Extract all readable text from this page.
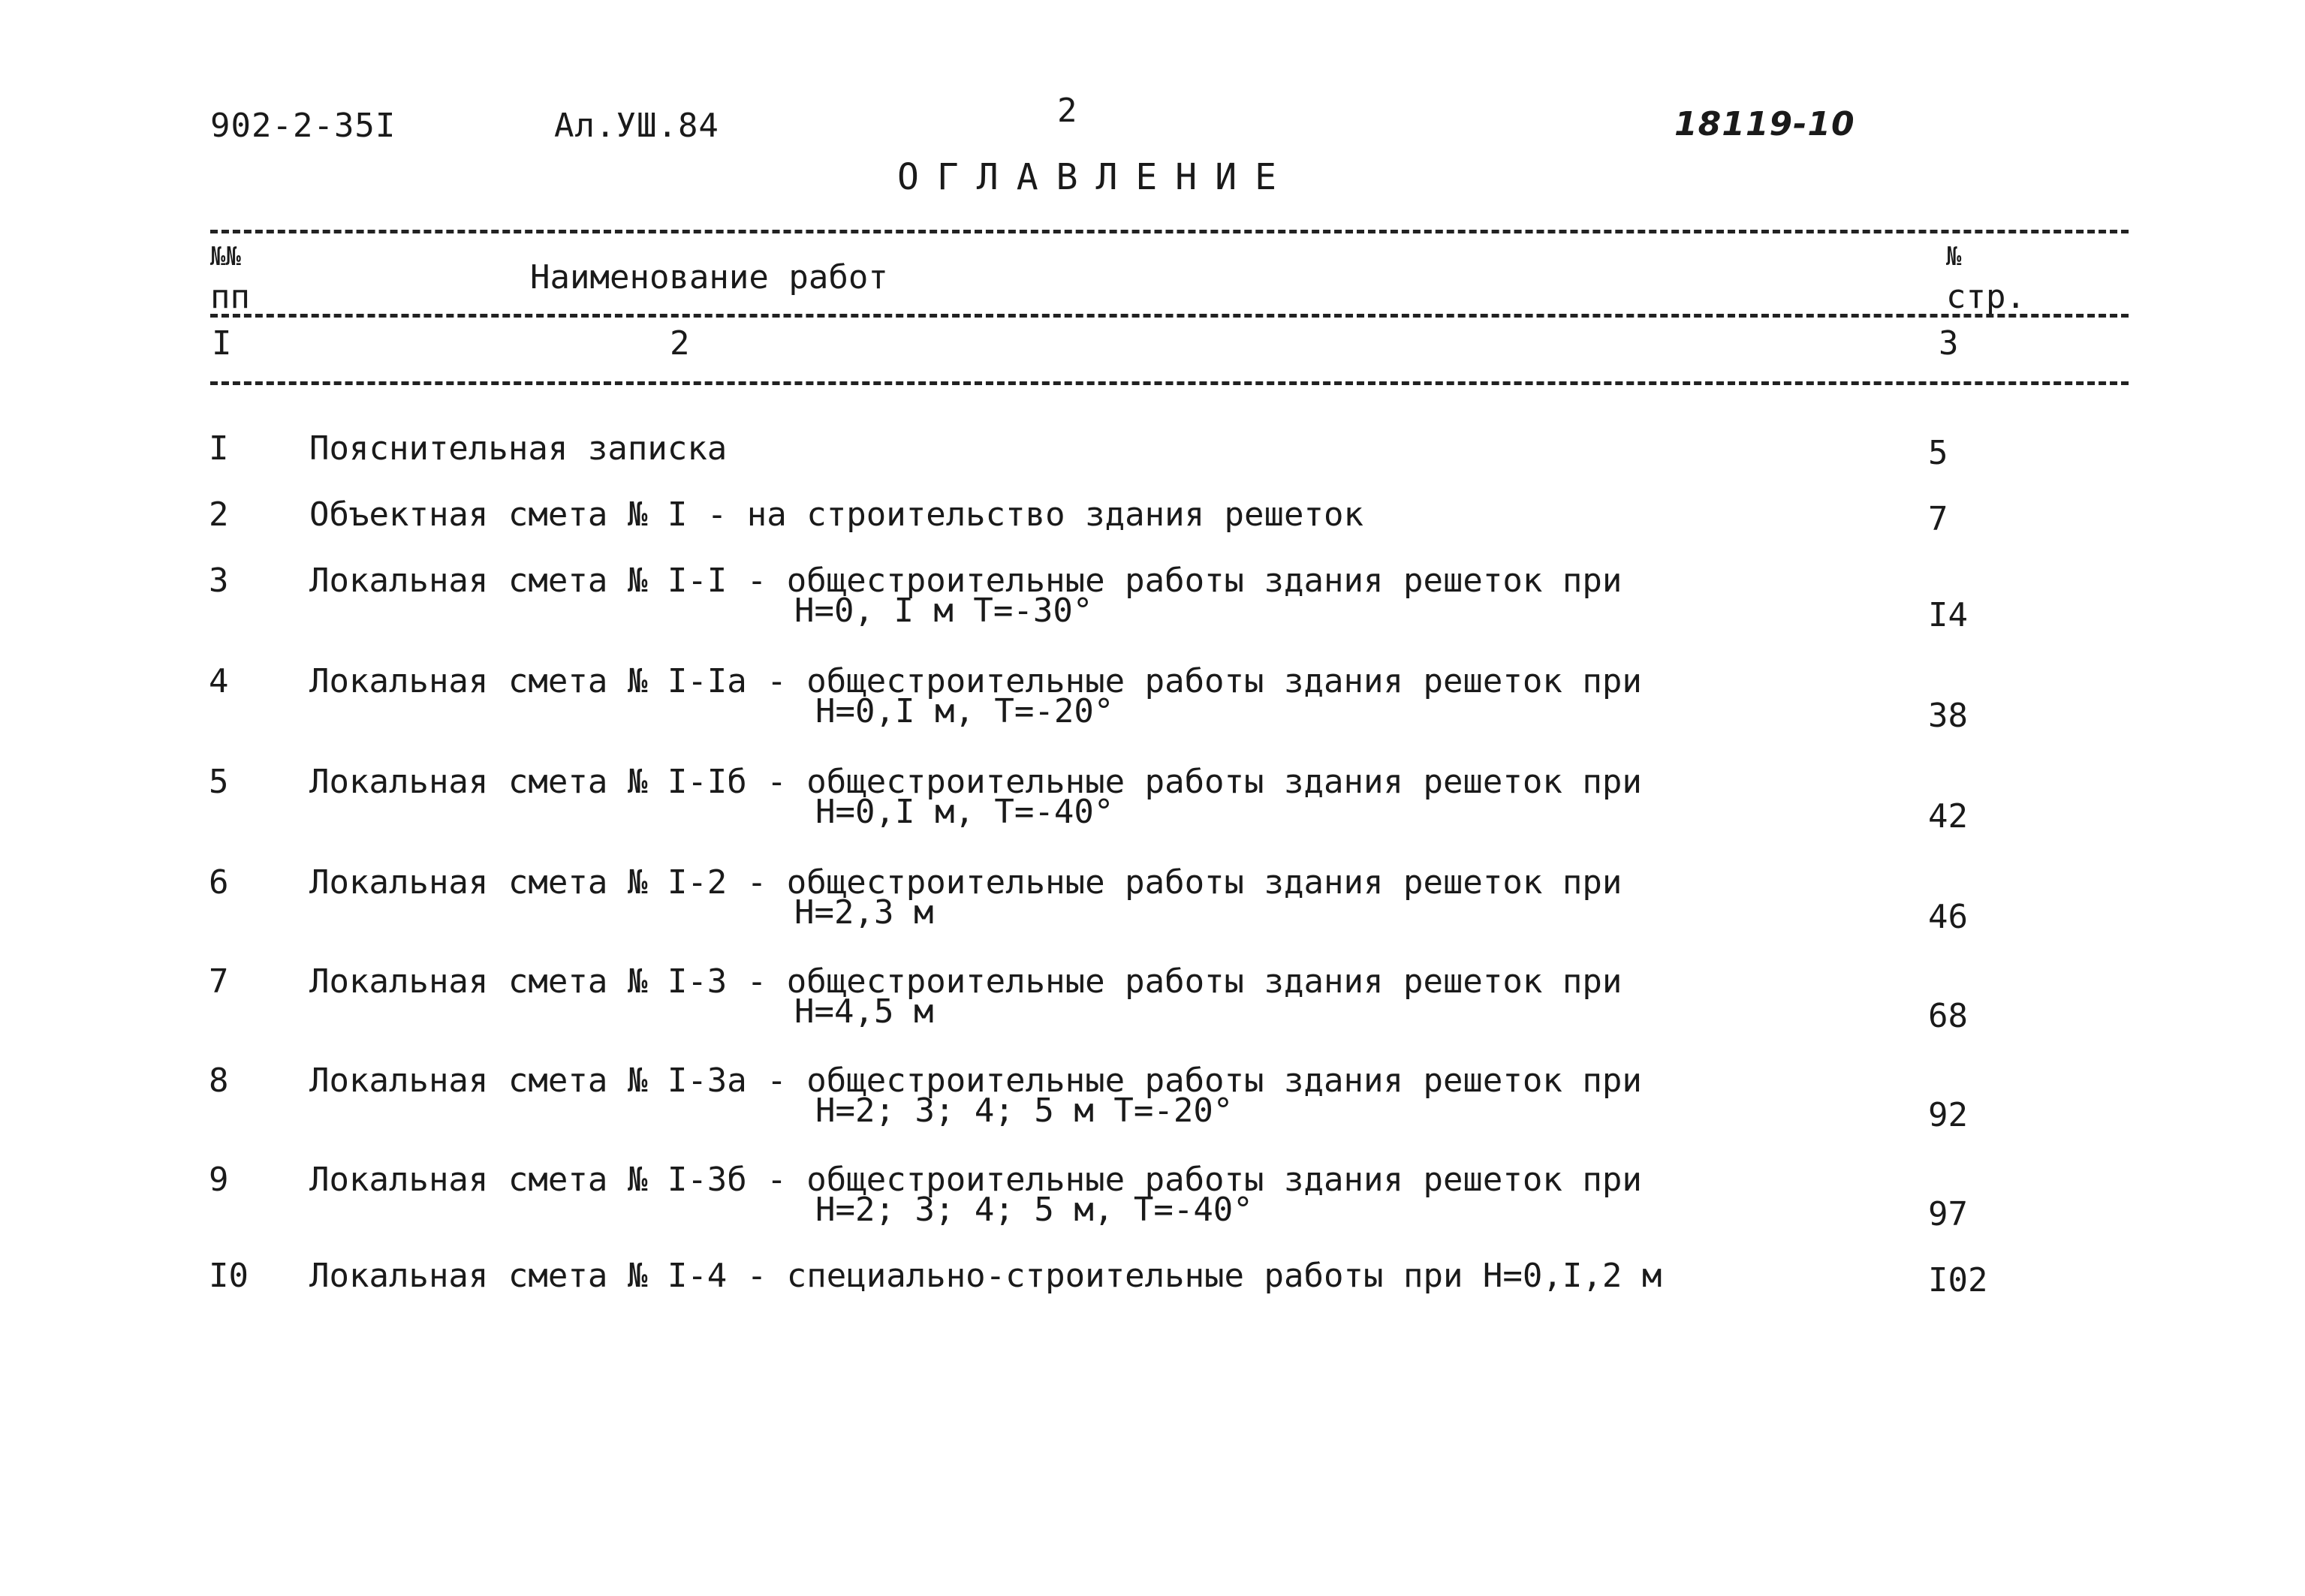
902-2-35I	Ал.УШ.84	2	18119-10
ОГЛАВЛЕНИЕ
№№
пп
Наименование работ
№
стр.
I	2	3
I Пояснительная записка	5
2 Объектная смета № I - на строительство здания решеток	7
3 Локальная смета № I-I - общестроительные работы здания решеток при
Н=0, I м Т=-30°	I4
4 Локальная смета № I-Iа - общестроительные работы здания решеток при
Н=0,I м, Т=-20°	38
5 Локальная смета № I-Iб - общестроительные работы здания решеток при
Н=0,I м, Т=-40°	42
6 Локальная смета № I-2 - общестроительные работы здания решеток при
Н=2,3 м	46
7 Локальная смета № I-3 - общестроительные работы здания решеток при
Н=4,5 м	68
8 Локальная смета № I-3а - общестроительные работы здания решеток при
Н=2; 3; 4; 5 м Т=-20°	92
9 Локальная смета № I-3б - общестроительные работы здания решеток при
Н=2; 3; 4; 5 м, Т=-40°	97
I0 Локальная смета № I-4 - специально-строительные работы при Н=0,I,2 м	I02
